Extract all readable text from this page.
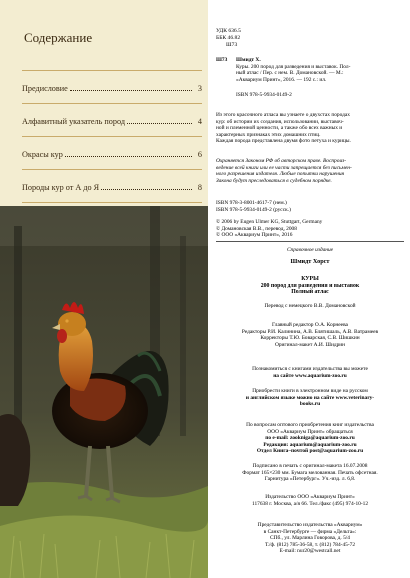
Содержание
Предисловие	3
Алфавитный указатель пород	4
Окрасы кур	6
Породы кур от А до Я	8
УДК 636.5
ББК 46.82
Ш73
Ш73 Шмидт Х.
Куры. 200 пород для разведения и выставок. Пол-
ный атлас / Пер. с нем. В. Домановской. — М.:
«Аквариум Принт», 2016. — 192 с.: ил.
ISBN 978-5-9934-0149-2
Из этого красочного атласа вы узнаете о двухстах породах
кур: об истории их создания, использовании, выставоч-
ной и племенной ценности, а также обо всех важных и
характерных признаках этих домашних птиц.
Каждая порода представлена двумя фото петуха и курицы.
Охраняется Законом РФ об авторском праве. Воспроиз-
ведение всей книги или ее части запрещается без письмен-
ного разрешения издателя. Любые попытки нарушения
Закона будут преследоваться в судебном порядке.
ISBN 978-3-8001-4617-7 (нем.)
ISBN 978-5-9934-0149-2 (русск.)
© 2006 by Eugen Ulmer KG, Stuttgart, Germany
© Домановская В.В., перевод, 2008
© ООО «Аквариум Принт», 2016
Справочное издание
Шмидт Хорст
КУРЫ
200 пород для разведения и выставок
Полный атлас
Перевод с немецкого В.В. Домановской
Главный редактор О.А. Корнеева
Редакторы Р.И. Калинина, А.В. Блятишаль, А.В. Ватрамеев
Корректоры Т.Ю. Боварская, С.В. Шишкин
Оригинал-макет А.И. Шидрин
Познакомиться с книгами издательства вы можете
на сайте www.aquarium-zoo.ru
Приобрести книги в электронном виде на русском
и английском языке можно на сайте www.veterinary-
books.ru
По вопросам оптового приобретения книг издательства
ООО «Аквариум Принт» обращаться
по e-mail: zookniga@aquarium-zoo.ru
Редакция: aquarium@aquarium-zoo.ru
Отдел Книга–почтой post@aquarium-zoo.ru
Подписано в печать с оригинал-макета 16.07.2008
Формат 165×230 мм. Бумага мелованная. Печать офсетная.
Гарнитура «Петербург». Уч.-изд. л. 6,8.
Издательство ООО «Аквариум Принт»
117638 г. Москва, а/я 66. Тел./факс (495) 974-10-12
Представительство издательства «Аквариум»
в Санкт-Петербурге — фирма «Дельта»:
СПб., ул. Марлина Говорова, д. 5/4
Т./ф. (812) 785-36-58, т. (812) 784-45-72
E-mail: nur20@westcall.net
